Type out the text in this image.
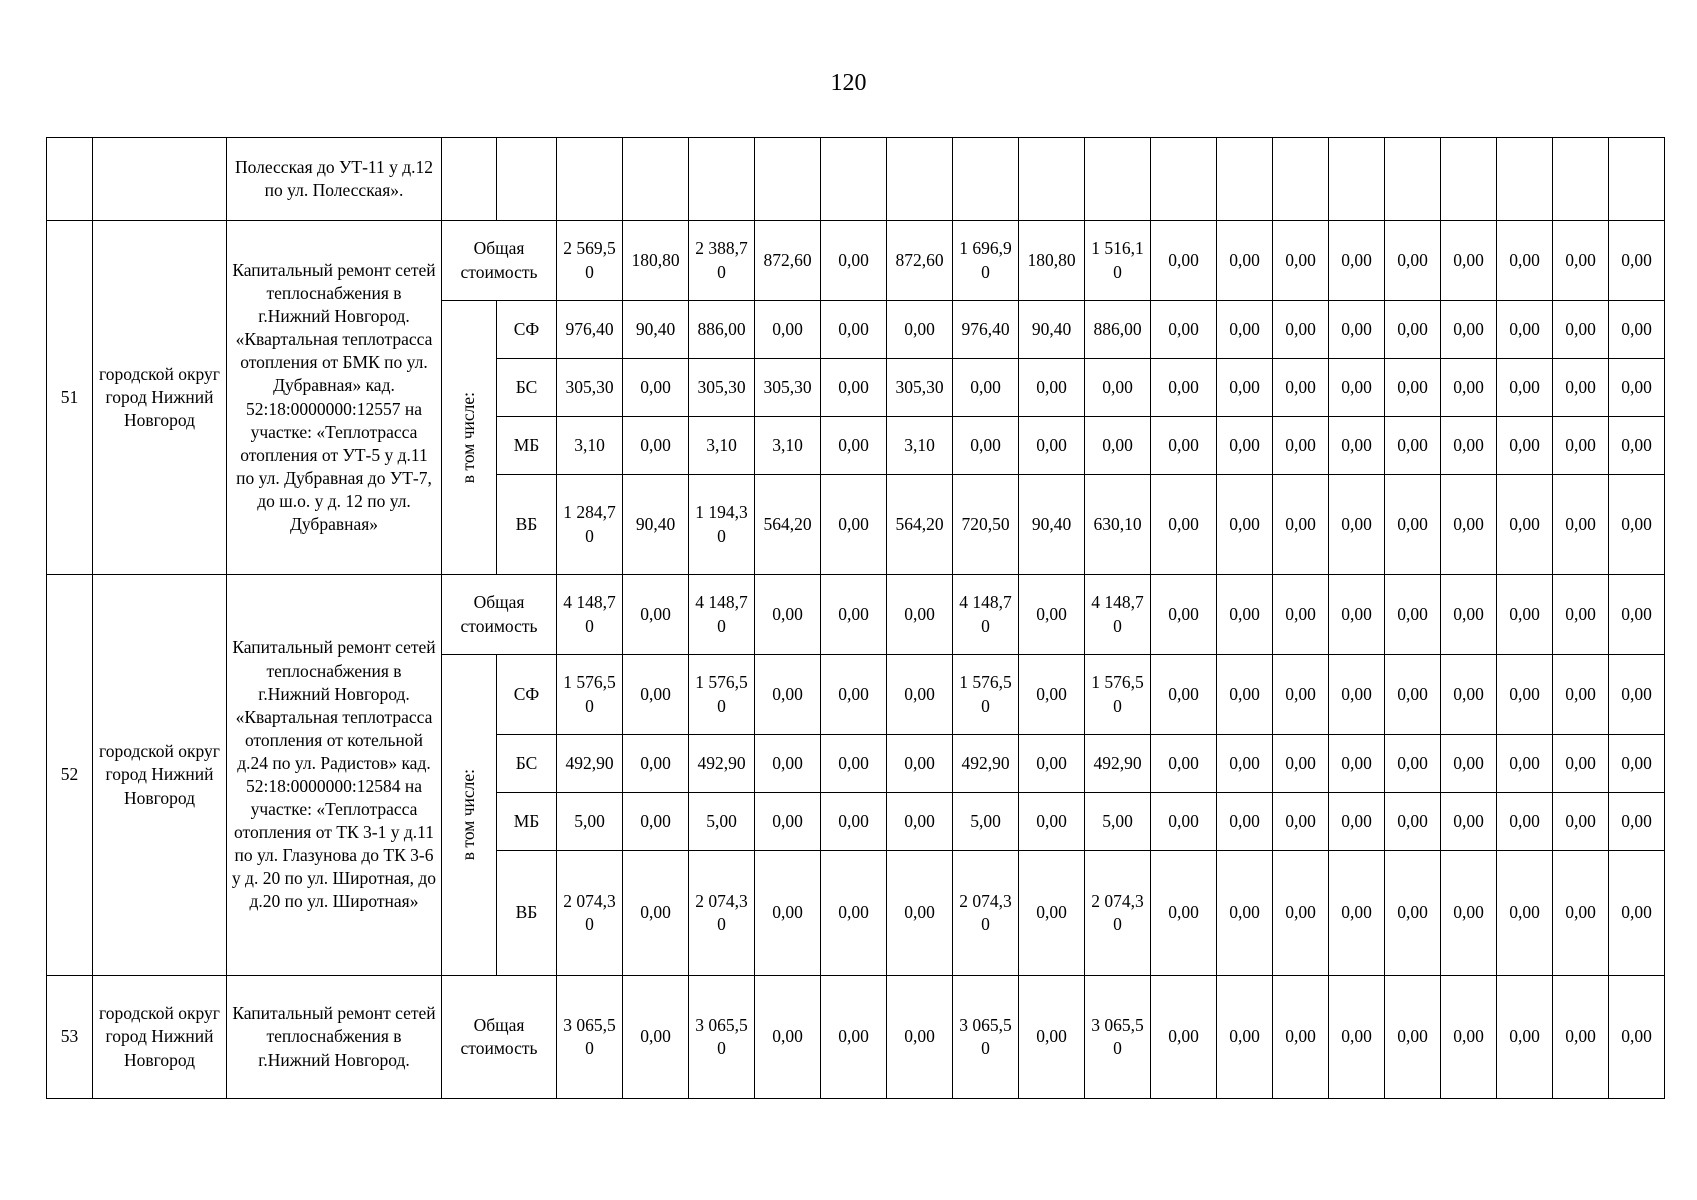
120
		Полесская до УТ-11 у д.12 по ул. Полесская».																				
51	городской округ город Нижний Новгород	Капитальный ремонт сетей теплоснабжения в г.Нижний Новгород. «Квартальная теплотрасса отопления от БМК по ул. Дубравная» кад. 52:18:0000000:12557 на участке: «Теплотрасса отопления от УТ-5 у д.11 по ул. Дубравная до УТ-7, до ш.о. у д. 12 по ул. Дубравная»	Общая стоимость		2 569,50	180,80	2 388,70	872,60	0,00	872,60	1 696,90	180,80	1 516,10	0,00	0,00	0,00	0,00	0,00	0,00	0,00	0,00	0,00

			в том числе:	СФ	976,40	90,40	886,00	0,00	0,00	0,00	976,40	90,40	886,00	0,00	0,00	0,00	0,00	0,00	0,00	0,00	0,00	0,00
				БС	305,30	0,00	305,30	305,30	0,00	305,30	0,00	0,00	0,00	0,00	0,00	0,00	0,00	0,00	0,00	0,00	0,00	0,00
				МБ	3,10	0,00	3,10	3,10	0,00	3,10	0,00	0,00	0,00	0,00	0,00	0,00	0,00	0,00	0,00	0,00	0,00	0,00
				ВБ	1 284,70	90,40	1 194,30	564,20	0,00	564,20	720,50	90,40	630,10	0,00	0,00	0,00	0,00	0,00	0,00	0,00	0,00	0,00
52	городской округ город Нижний Новгород	Капитальный ремонт сетей теплоснабжения в г.Нижний Новгород. «Квартальная теплотрасса отопления от котельной д.24 по ул. Радистов» кад. 52:18:0000000:12584 на участке: «Теплотрасса отопления от ТК 3-1 у д.11 по ул. Глазунова до ТК 3-6 у д. 20 по ул. Широтная, до д.20 по ул. Широтная»	Общая стоимость		4 148,70	0,00	4 148,70	0,00	0,00	0,00	4 148,70	0,00	4 148,70	0,00	0,00	0,00	0,00	0,00	0,00	0,00	0,00	0,00

			в том числе:	СФ	1 576,50	0,00	1 576,50	0,00	0,00	0,00	1 576,50	0,00	1 576,50	0,00	0,00	0,00	0,00	0,00	0,00	0,00	0,00	0,00
				БС	492,90	0,00	492,90	0,00	0,00	0,00	492,90	0,00	492,90	0,00	0,00	0,00	0,00	0,00	0,00	0,00	0,00	0,00
				МБ	5,00	0,00	5,00	0,00	0,00	0,00	5,00	0,00	5,00	0,00	0,00	0,00	0,00	0,00	0,00	0,00	0,00	0,00
				ВБ	2 074,30	0,00	2 074,30	0,00	0,00	0,00	2 074,30	0,00	2 074,30	0,00	0,00	0,00	0,00	0,00	0,00	0,00	0,00	0,00
53	городской округ город Нижний Новгород	Капитальный ремонт сетей теплоснабжения в г.Нижний Новгород.	Общая стоимость		3 065,50	0,00	3 065,50	0,00	0,00	0,00	3 065,50	0,00	3 065,50	0,00	0,00	0,00	0,00	0,00	0,00	0,00	0,00	0,00
